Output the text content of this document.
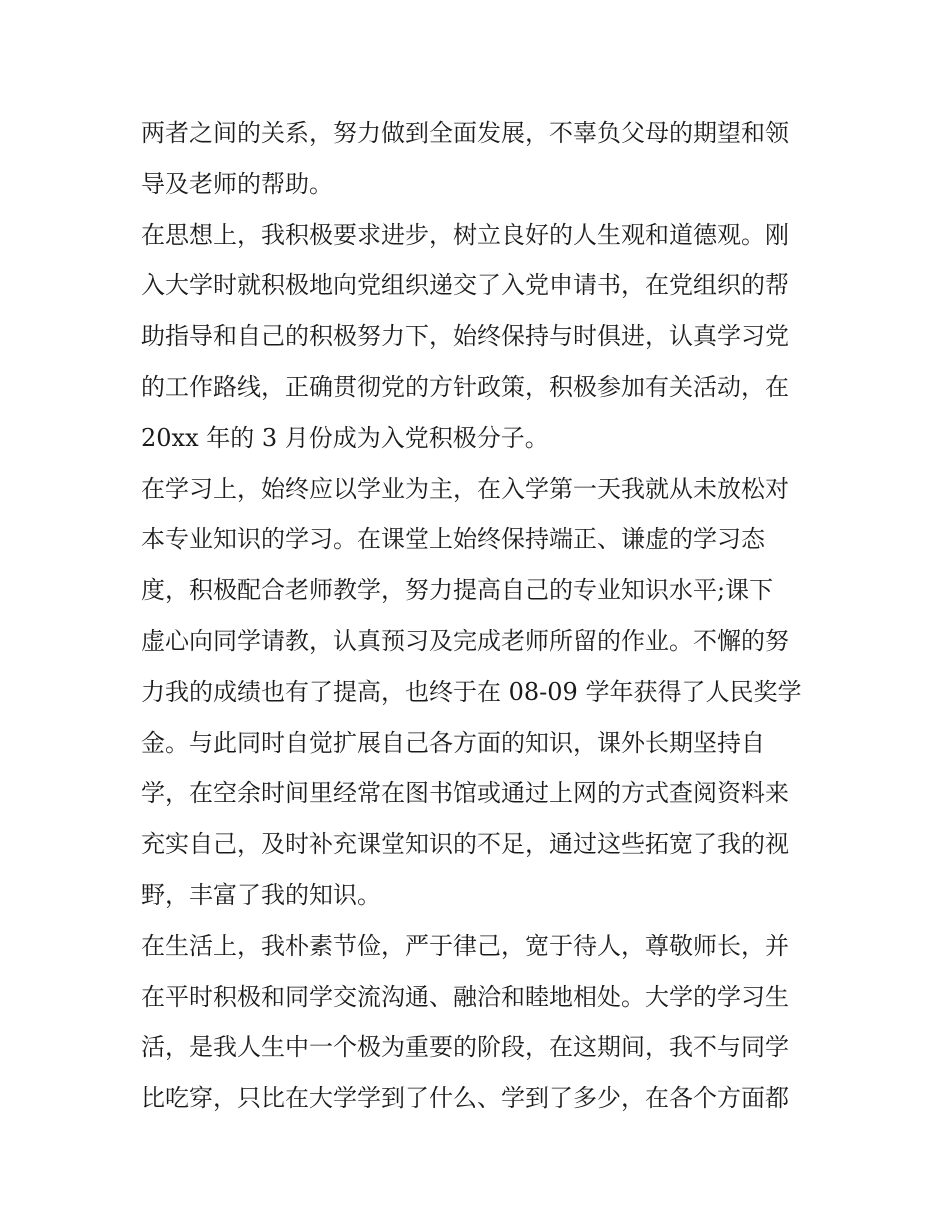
两者之间的关系，努力做到全面发展，不辜负父母的期望和领
导及老师的帮助。
在思想上，我积极要求进步，树立良好的人生观和道德观。刚
入大学时就积极地向党组织递交了入党申请书，在党组织的帮
助指导和自己的积极努力下，始终保持与时俱进，认真学习党
的工作路线，正确贯彻党的方针政策，积极参加有关活动，在
20xx 年的 3 月份成为入党积极分子。
在学习上，始终应以学业为主，在入学第一天我就从未放松对
本专业知识的学习。在课堂上始终保持端正、谦虚的学习态
度，积极配合老师教学，努力提高自己的专业知识水平;课下
虚心向同学请教，认真预习及完成老师所留的作业。不懈的努
力我的成绩也有了提高，也终于在 08-09 学年获得了人民奖学
金。与此同时自觉扩展自己各方面的知识，课外长期坚持自
学，在空余时间里经常在图书馆或通过上网的方式查阅资料来
充实自己，及时补充课堂知识的不足，通过这些拓宽了我的视
野，丰富了我的知识。
在生活上，我朴素节俭，严于律己，宽于待人，尊敬师长，并
在平时积极和同学交流沟通、融洽和睦地相处。大学的学习生
活，是我人生中一个极为重要的阶段，在这期间，我不与同学
比吃穿，只比在大学学到了什么、学到了多少，在各个方面都
